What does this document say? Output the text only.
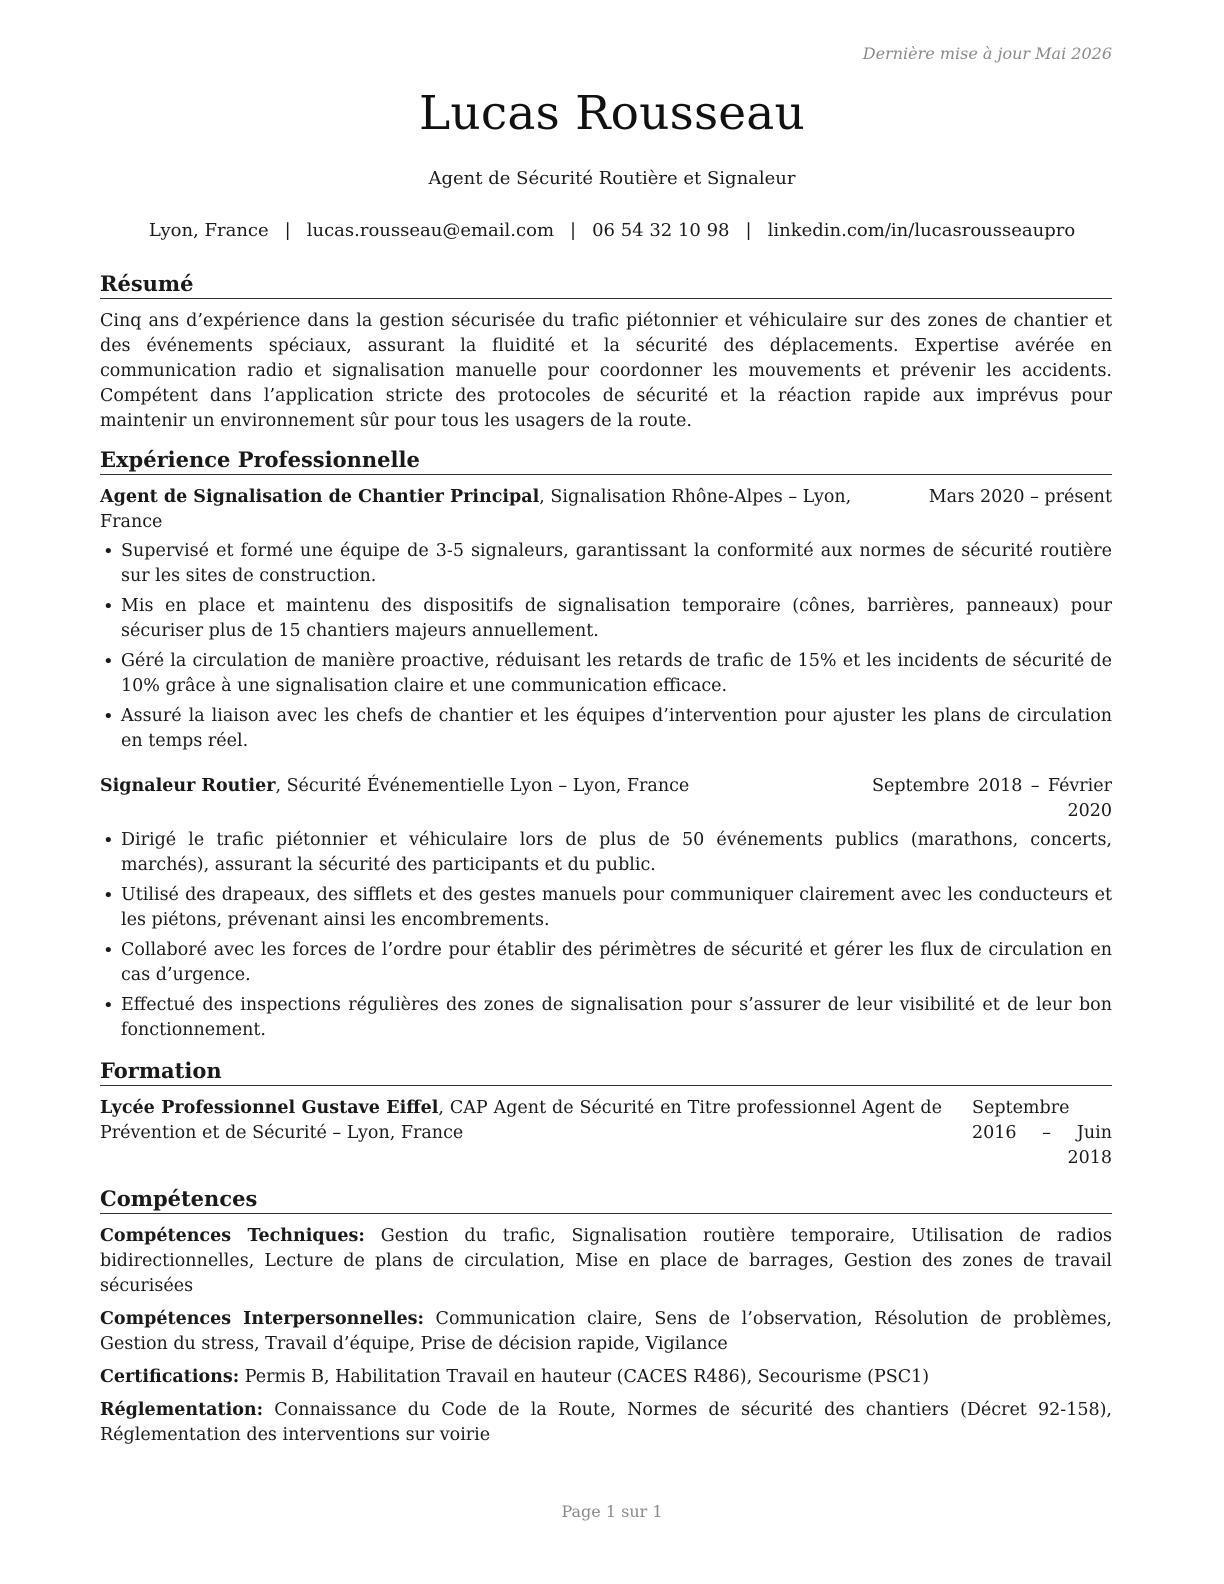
Dernière mise à jour Mai 2026
Lucas Rousseau
Agent de Sécurité Routière et Signaleur
Lyon, France | lucas.rousseau@email.com | 06 54 32 10 98 | linkedin.com/in/lucasrousseaupro
Résumé

Cinq ans d’expérience dans la gestion sécurisée du trafic piétonnier et véhiculaire sur des zones de chantier et des événements spéciaux, assurant la fluidité et la sécurité des déplacements. Expertise avérée en communication radio et signalisation manuelle pour coordonner les mouvements et prévenir les accidents. Compétent dans l’application stricte des protocoles de sécurité et la réaction rapide aux imprévus pour maintenir un environnement sûr pour tous les usagers de la route.

Expérience Professionnelle
Agent de Signalisation de Chantier Principal, Signalisation Rhône-Alpes – Lyon, France
Mars 2020 – présent
• Supervisé et formé une équipe de 3-5 signaleurs, garantissant la conformité aux normes de sécurité routière sur les sites de construction.
• Mis en place et maintenu des dispositifs de signalisation temporaire (cônes, barrières, panneaux) pour sécuriser plus de 15 chantiers majeurs annuellement.
• Géré la circulation de manière proactive, réduisant les retards de trafic de 15% et les incidents de sécurité de 10% grâce à une signalisation claire et une communication efficace.
• Assuré la liaison avec les chefs de chantier et les équipes d’intervention pour ajuster les plans de circulation en temps réel.
Signaleur Routier, Sécurité Événementielle Lyon – Lyon, France	Septembre 2018 – Février 2020
• Dirigé le trafic piétonnier et véhiculaire lors de plus de 50 événements publics (marathons, concerts, marchés), assurant la sécurité des participants et du public.
• Utilisé des drapeaux, des sifflets et des gestes manuels pour communiquer clairement avec les conducteurs et les piétons, prévenant ainsi les encombrements.
• Collaboré avec les forces de l’ordre pour établir des périmètres de sécurité et gérer les flux de circulation en cas d’urgence.
• Effectué des inspections régulières des zones de signalisation pour s’assurer de leur visibilité et de leur bon fonctionnement.
Formation
Lycée Professionnel Gustave Eiffel, CAP Agent de Sécurité en Titre professionnel Agent de Prévention et de Sécurité – Lyon, France
Septembre 2016 – Juin 2018
Compétences

Compétences Techniques: Gestion du trafic, Signalisation routière temporaire, Utilisation de radios bidirectionnelles, Lecture de plans de circulation, Mise en place de barrages, Gestion des zones de travail sécurisées

Compétences Interpersonnelles: Communication claire, Sens de l’observation, Résolution de problèmes, Gestion du stress, Travail d’équipe, Prise de décision rapide, Vigilance

Certifications: Permis B, Habilitation Travail en hauteur (CACES R486), Secourisme (PSC1)

Réglementation: Connaissance du Code de la Route, Normes de sécurité des chantiers (Décret 92-158), Réglementation des interventions sur voirie

Page 1 sur 1
